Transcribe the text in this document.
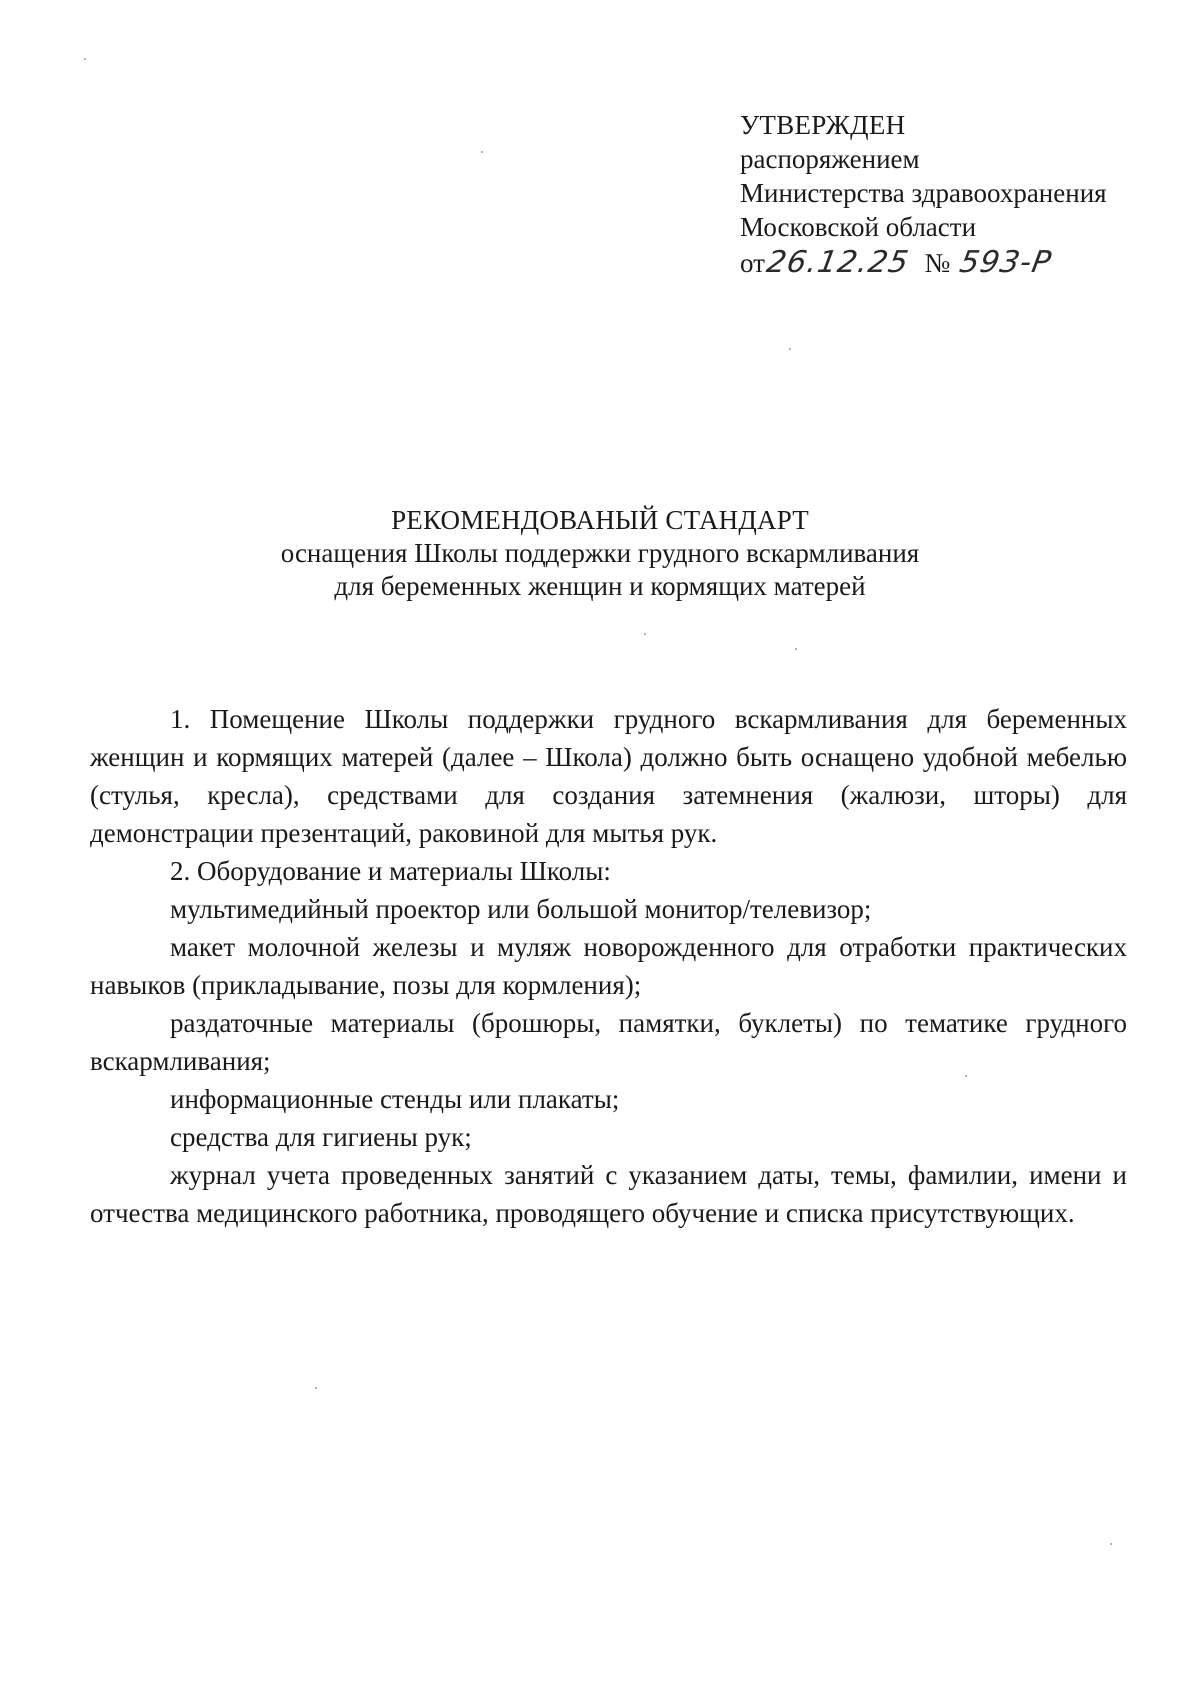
УТВЕРЖДЕН
распоряжением
Министерства здравоохранения
Московской области
от26.12.25 № 593-Р
РЕКОМЕНДОВАНЫЙ СТАНДАРТ
оснащения Школы поддержки грудного вскармливания
для беременных женщин и кормящих матерей

1. Помещение Школы поддержки грудного вскармливания для беременных женщин и кормящих матерей (далее – Школа) должно быть оснащено удобной мебелью (стулья, кресла), средствами для создания затемнения (жалюзи, шторы) для демонстрации презентаций, раковиной для мытья рук.

2. Оборудование и материалы Школы:

мультимедийный проектор или большой монитор/телевизор;

макет молочной железы и муляж новорожденного для отработки практических навыков (прикладывание, позы для кормления);

раздаточные материалы (брошюры, памятки, буклеты) по тематике грудного вскармливания;

информационные стенды или плакаты;

средства для гигиены рук;

журнал учета проведенных занятий с указанием даты, темы, фамилии, имени и отчества медицинского работника, проводящего обучение и списка присутствующих.
